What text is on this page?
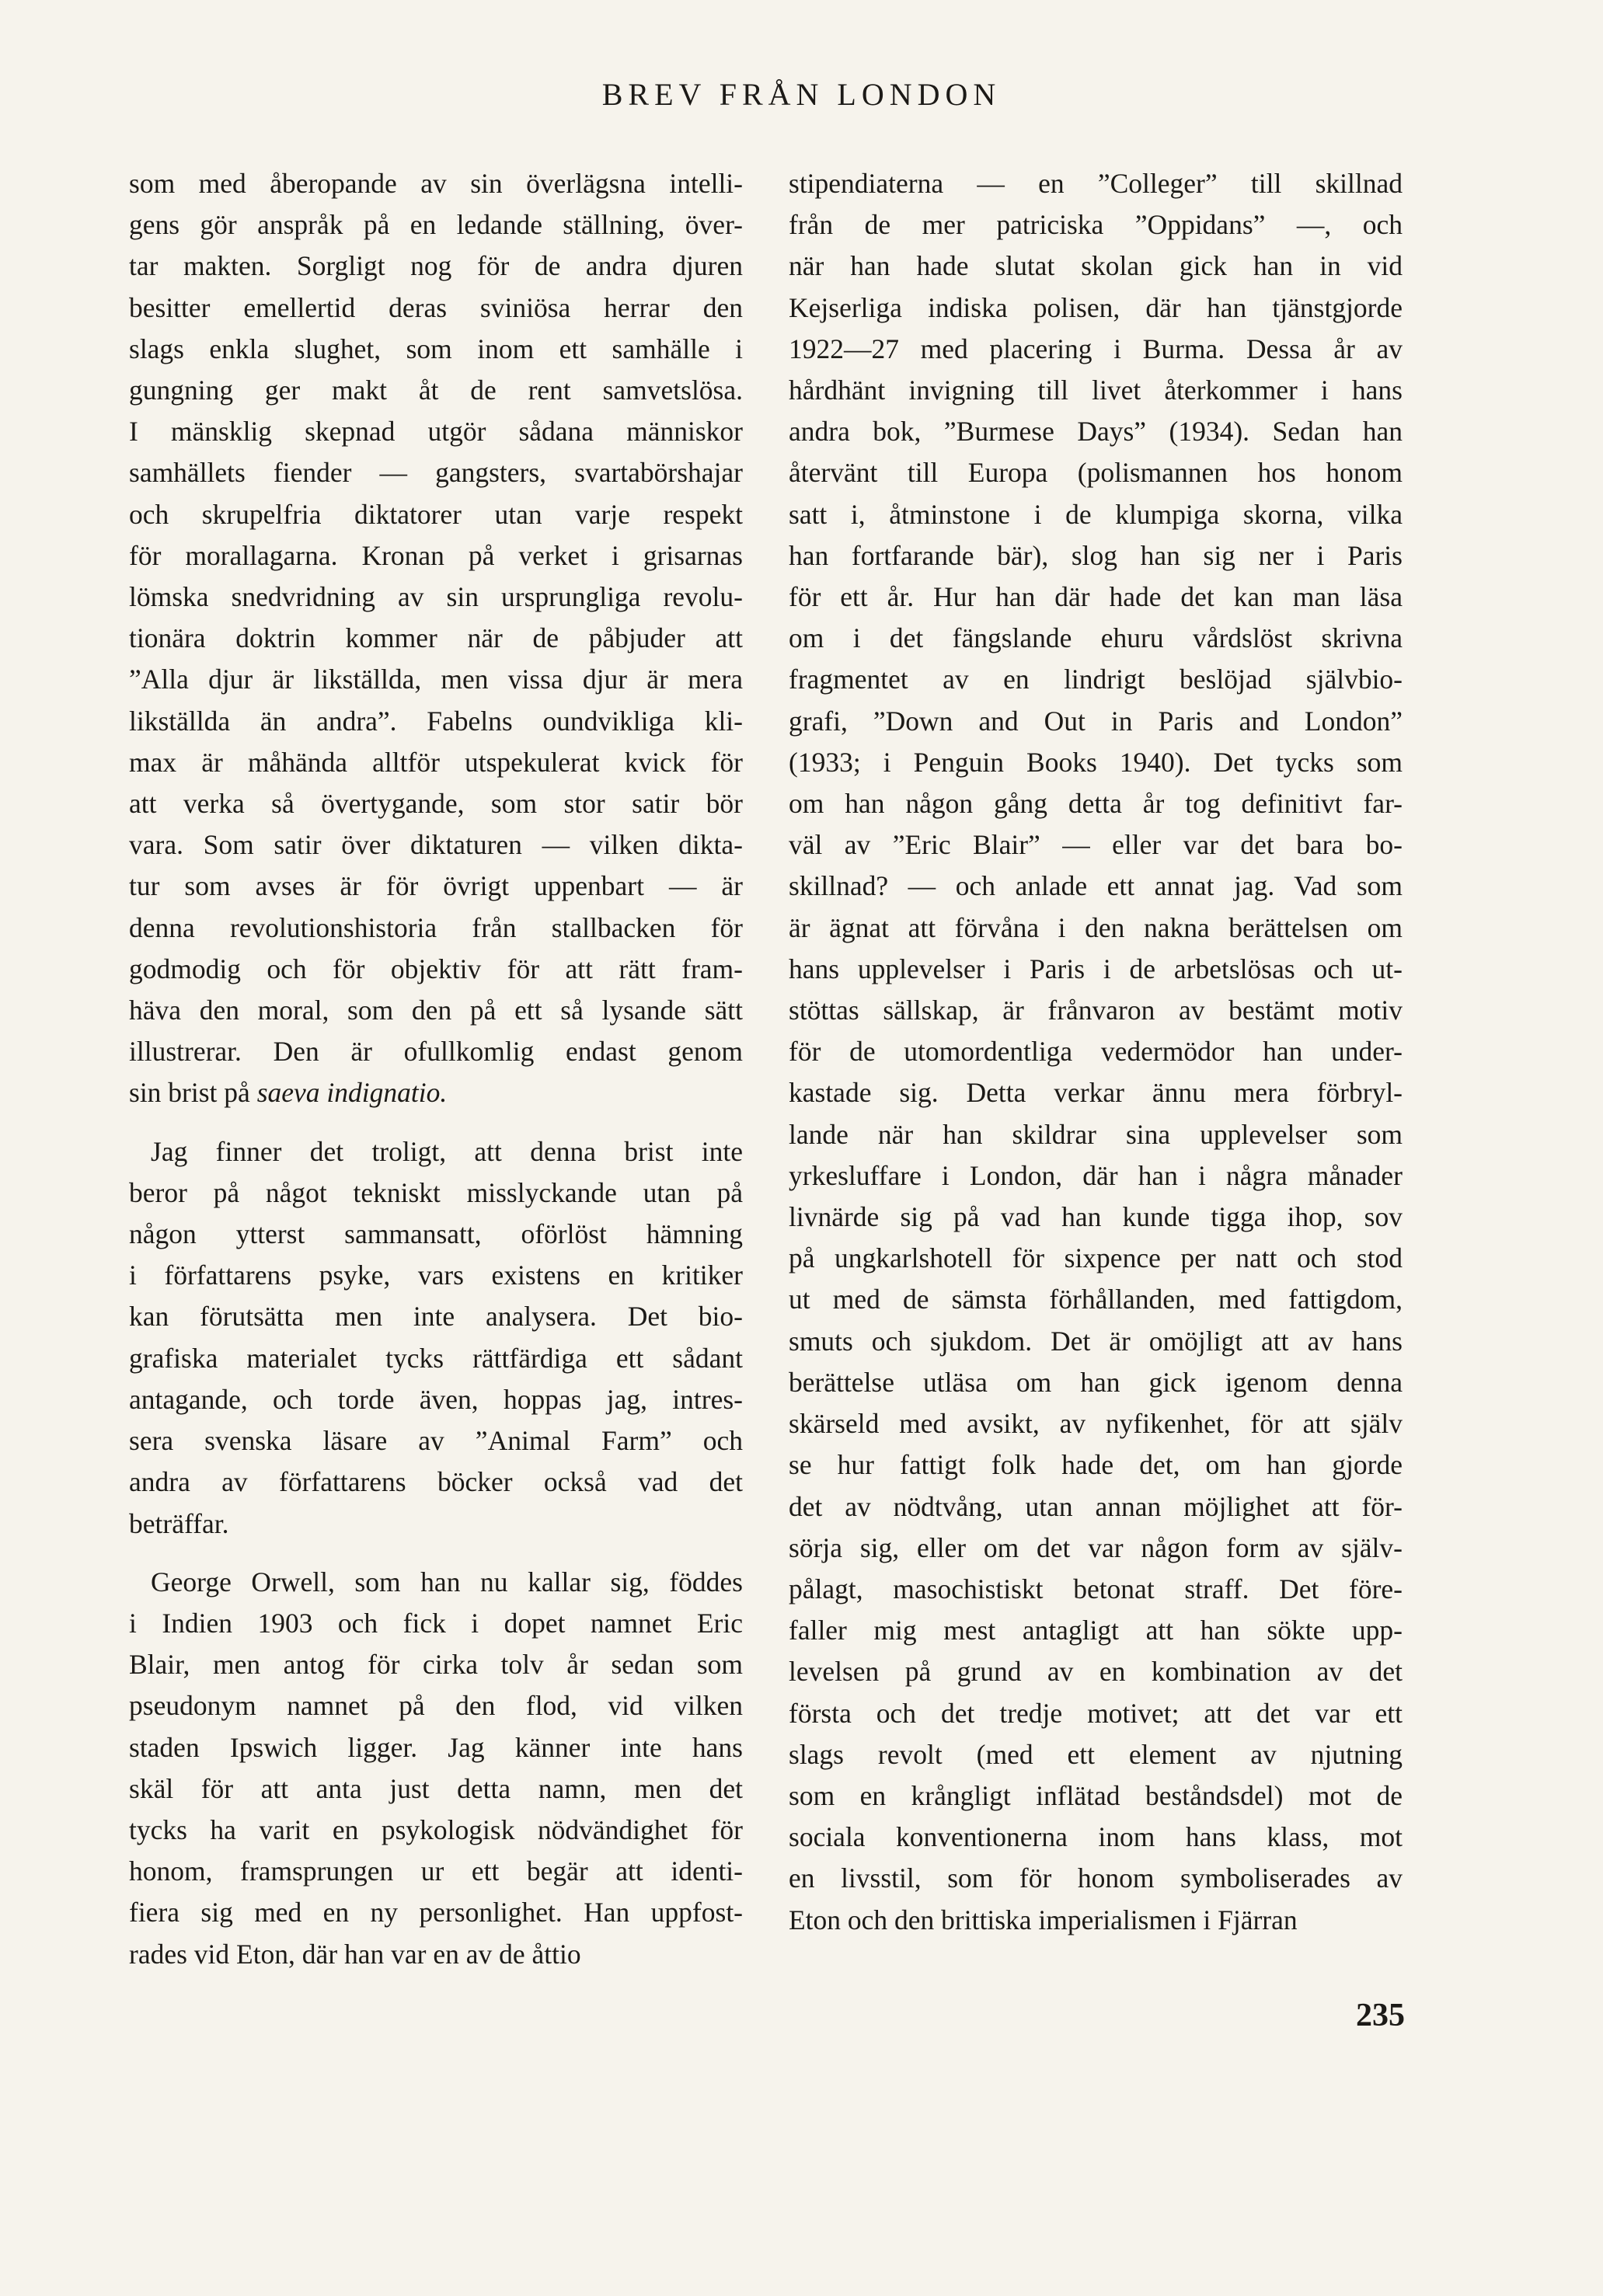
BREV FRÅN LONDON

som med åberopande av sin överlägsna intelli-
gens gör anspråk på en ledande ställning, över-
tar makten. Sorgligt nog för de andra djuren
besitter emellertid deras sviniösa herrar den
slags enkla slughet, som inom ett samhälle i
gungning ger makt åt de rent samvetslösa.
I mänsklig skepnad utgör sådana människor
samhällets fiender — gangsters, svartabörshajar
och skrupelfria diktatorer utan varje respekt
för morallagarna. Kronan på verket i grisarnas
lömska snedvridning av sin ursprungliga revolu-
tionära doktrin kommer när de påbjuder att
”Alla djur är likställda, men vissa djur är mera
likställda än andra”. Fabelns oundvikliga kli-
max är måhända alltför utspekulerat kvick för
att verka så övertygande, som stor satir bör
vara. Som satir över diktaturen — vilken dikta-
tur som avses är för övrigt uppenbart — är
denna revolutionshistoria från stallbacken för
godmodig och för objektiv för att rätt fram-
häva den moral, som den på ett så lysande sätt
illustrerar. Den är ofullkomlig endast genom
sin brist på saeva indignatio.

Jag finner det troligt, att denna brist inte
beror på något tekniskt misslyckande utan på
någon ytterst sammansatt, oförlöst hämning
i författarens psyke, vars existens en kritiker
kan förutsätta men inte analysera. Det bio-
grafiska materialet tycks rättfärdiga ett sådant
antagande, och torde även, hoppas jag, intres-
sera svenska läsare av ”Animal Farm” och
andra av författarens böcker också vad det
beträffar.

George Orwell, som han nu kallar sig, föddes
i Indien 1903 och fick i dopet namnet Eric
Blair, men antog för cirka tolv år sedan som
pseudonym namnet på den flod, vid vilken
staden Ipswich ligger. Jag känner inte hans
skäl för att anta just detta namn, men det
tycks ha varit en psykologisk nödvändighet för
honom, framsprungen ur ett begär att identi-
fiera sig med en ny personlighet. Han uppfost-
rades vid Eton, där han var en av de åttio

stipendiaterna — en ”Colleger” till skillnad
från de mer patriciska ”Oppidans” —, och
när han hade slutat skolan gick han in vid
Kejserliga indiska polisen, där han tjänstgjorde
1922—27 med placering i Burma. Dessa år av
hårdhänt invigning till livet återkommer i hans
andra bok, ”Burmese Days” (1934). Sedan han
återvänt till Europa (polismannen hos honom
satt i, åtminstone i de klumpiga skorna, vilka
han fortfarande bär), slog han sig ner i Paris
för ett år. Hur han där hade det kan man läsa
om i det fängslande ehuru vårdslöst skrivna
fragmentet av en lindrigt beslöjad självbio-
grafi, ”Down and Out in Paris and London”
(1933; i Penguin Books 1940). Det tycks som
om han någon gång detta år tog definitivt far-
väl av ”Eric Blair” — eller var det bara bo-
skillnad? — och anlade ett annat jag. Vad som
är ägnat att förvåna i den nakna berättelsen om
hans upplevelser i Paris i de arbetslösas och ut-
stöttas sällskap, är frånvaron av bestämt motiv
för de utomordentliga vedermödor han under-
kastade sig. Detta verkar ännu mera förbryl-
lande när han skildrar sina upplevelser som
yrkesluffare i London, där han i några månader
livnärde sig på vad han kunde tigga ihop, sov
på ungkarlshotell för sixpence per natt och stod
ut med de sämsta förhållanden, med fattigdom,
smuts och sjukdom. Det är omöjligt att av hans
berättelse utläsa om han gick igenom denna
skärseld med avsikt, av nyfikenhet, för att själv
se hur fattigt folk hade det, om han gjorde
det av nödtvång, utan annan möjlighet att för-
sörja sig, eller om det var någon form av själv-
pålagt, masochistiskt betonat straff. Det före-
faller mig mest antagligt att han sökte upp-
levelsen på grund av en kombination av det
första och det tredje motivet; att det var ett
slags revolt (med ett element av njutning
som en krångligt inflätad beståndsdel) mot de
sociala konventionerna inom hans klass, mot
en livsstil, som för honom symboliserades av
Eton och den brittiska imperialismen i Fjärran

235
